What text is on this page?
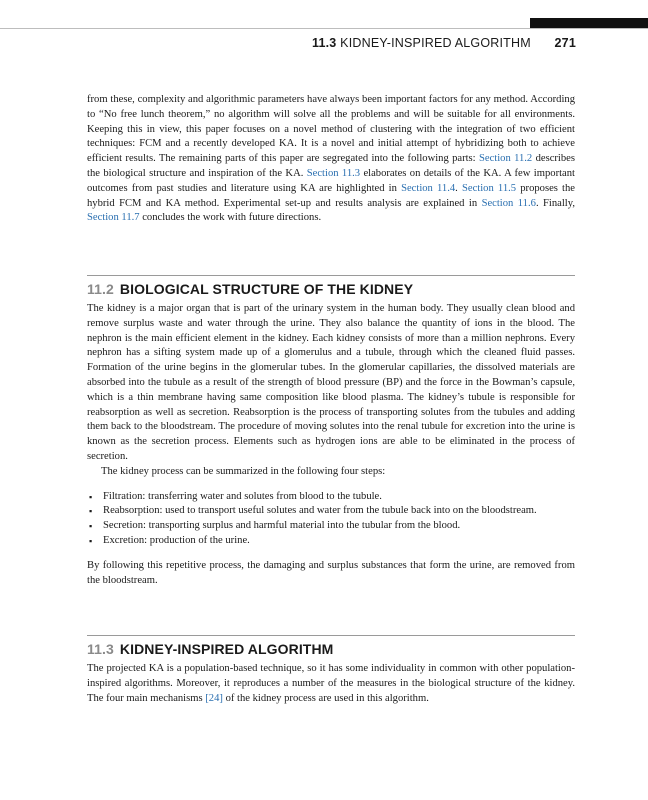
11.3 KIDNEY-INSPIRED ALGORITHM 271

from these, complexity and algorithmic parameters have always been important factors for any method. According to “No free lunch theorem,” no algorithm will solve all the problems and will be suitable for all environments. Keeping this in view, this paper focuses on a novel method of clustering with the integration of two efficient techniques: FCM and a recently developed KA. It is a novel and initial attempt of hybridizing both to achieve efficient results. The remaining parts of this paper are segregated into the following parts: Section 11.2 describes the biological structure and inspiration of the KA. Section 11.3 elaborates on details of the KA. A few important outcomes from past studies and literature using KA are highlighted in Section 11.4. Section 11.5 proposes the hybrid FCM and KA method. Experimental set-up and results analysis are explained in Section 11.6. Finally, Section 11.7 concludes the work with future directions.

11.2 BIOLOGICAL STRUCTURE OF THE KIDNEY

The kidney is a major organ that is part of the urinary system in the human body. They usually clean blood and remove surplus waste and water through the urine. They also balance the quantity of ions in the blood. The nephron is the main efficient element in the kidney. Each kidney consists of more than a million nephrons. Every nephron has a sifting system made up of a glomerulus and a tubule, through which the cleaned fluid passes. Formation of the urine begins in the glomerular tubes. In the glomerular capillaries, the dissolved materials are absorbed into the tubule as a result of the strength of blood pressure (BP) and the force in the Bowman’s capsule, which is a thin membrane having same composition like blood plasma. The kidney’s tubule is responsible for reabsorption as well as secretion. Reabsorption is the process of transporting solutes from the tubules and adding them back to the bloodstream. The procedure of moving solutes into the renal tubule for excretion into the urine is known as the secretion process. Elements such as hydrogen ions are able to be eliminated in the process of secretion.

The kidney process can be summarized in the following four steps:

▪ Filtration: transferring water and solutes from blood to the tubule.
▪ Reabsorption: used to transport useful solutes and water from the tubule back into on the bloodstream.
▪ Secretion: transporting surplus and harmful material into the tubular from the blood.
▪ Excretion: production of the urine.

By following this repetitive process, the damaging and surplus substances that form the urine, are removed from the bloodstream.

11.3 KIDNEY-INSPIRED ALGORITHM

The projected KA is a population-based technique, so it has some individuality in common with other population-inspired algorithms. Moreover, it reproduces a number of the measures in the biological structure of the kidney. The four main mechanisms [24] of the kidney process are used in this algorithm.
